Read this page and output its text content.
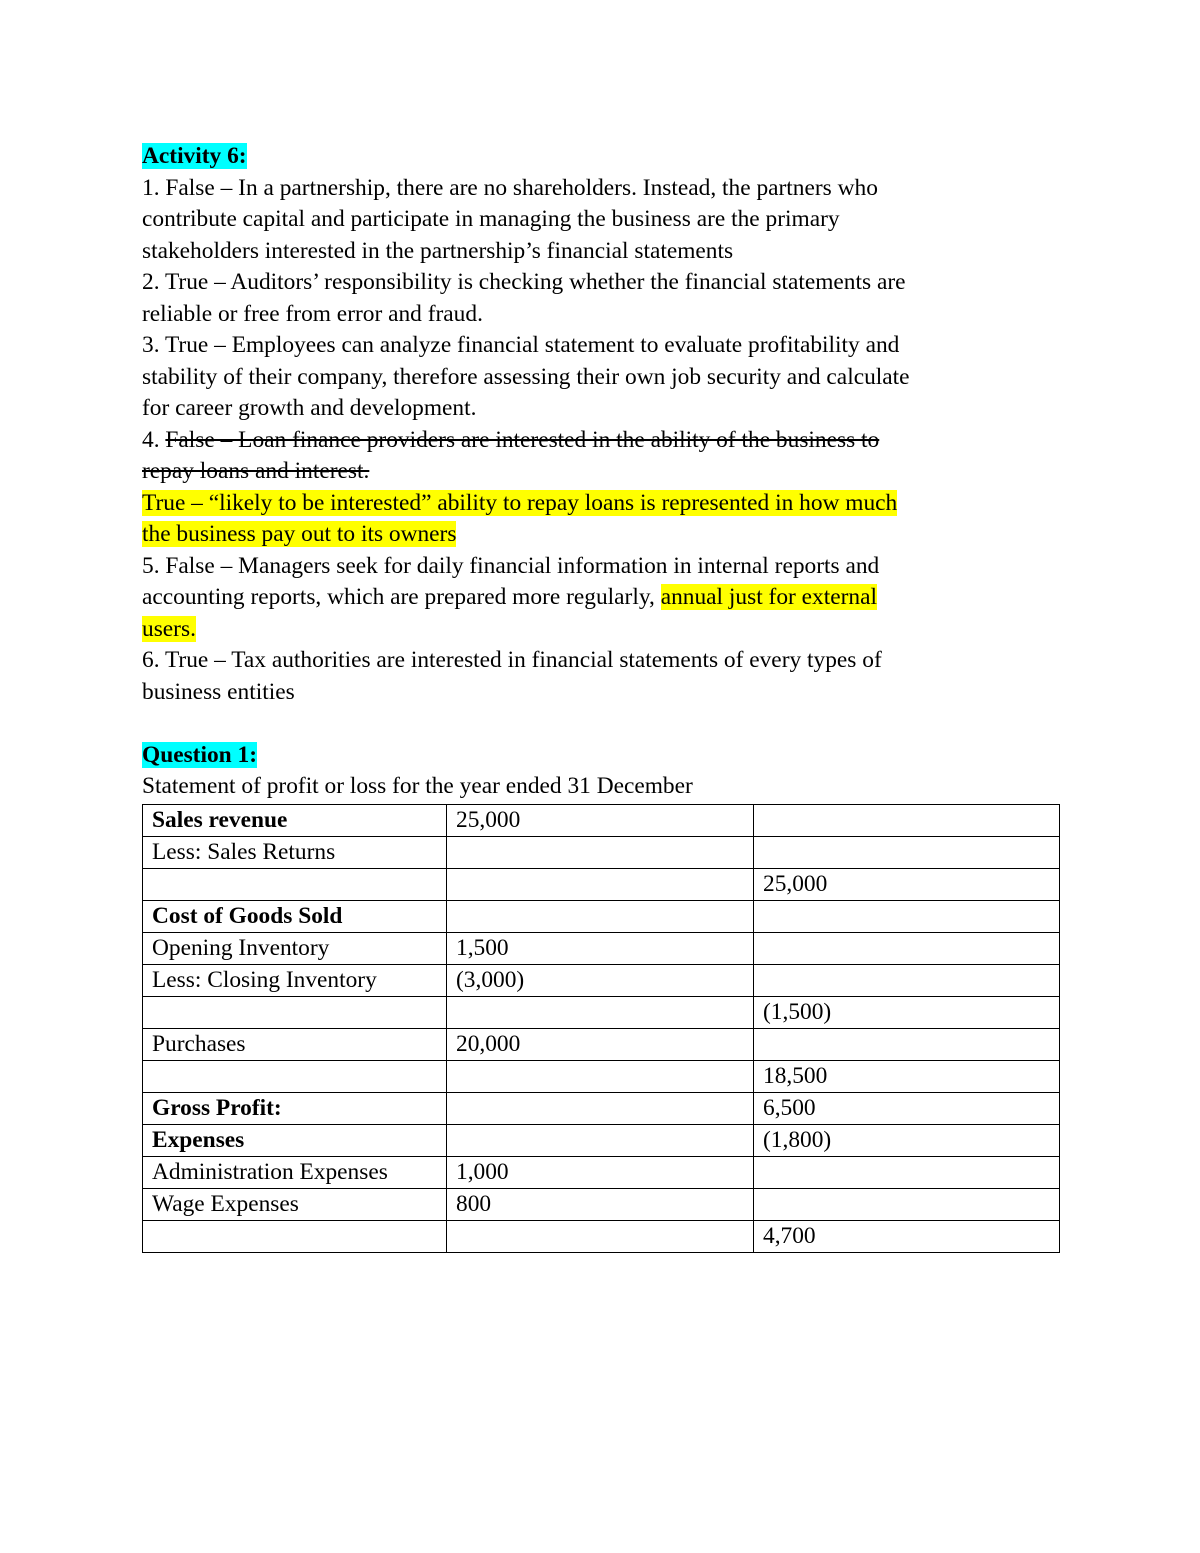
Activity 6:
1. False – In a partnership, there are no shareholders. Instead, the partners who
contribute capital and participate in managing the business are the primary
stakeholders interested in the partnership’s financial statements
2. True – Auditors’ responsibility is checking whether the financial statements are
reliable or free from error and fraud.
3. True – Employees can analyze financial statement to evaluate profitability and
stability of their company, therefore assessing their own job security and calculate
for career growth and development.
4. False – Loan finance providers are interested in the ability of the business to
repay loans and interest.
True – “likely to be interested” ability to repay loans is represented in how much
the business pay out to its owners
5. False – Managers seek for daily financial information in internal reports and
accounting reports, which are prepared more regularly, annual just for external
users.
6. True – Tax authorities are interested in financial statements of every types of
business entities
Question 1:
Statement of profit or loss for the year ended 31 December
Sales revenue	25,000	
Less: Sales Returns		
		25,000
Cost of Goods Sold		
Opening Inventory	1,500	
Less: Closing Inventory	(3,000)	
		(1,500)
Purchases	20,000	
		18,500
Gross Profit:		6,500
Expenses		(1,800)
Administration Expenses	1,000	
Wage Expenses	800	
		4,700
